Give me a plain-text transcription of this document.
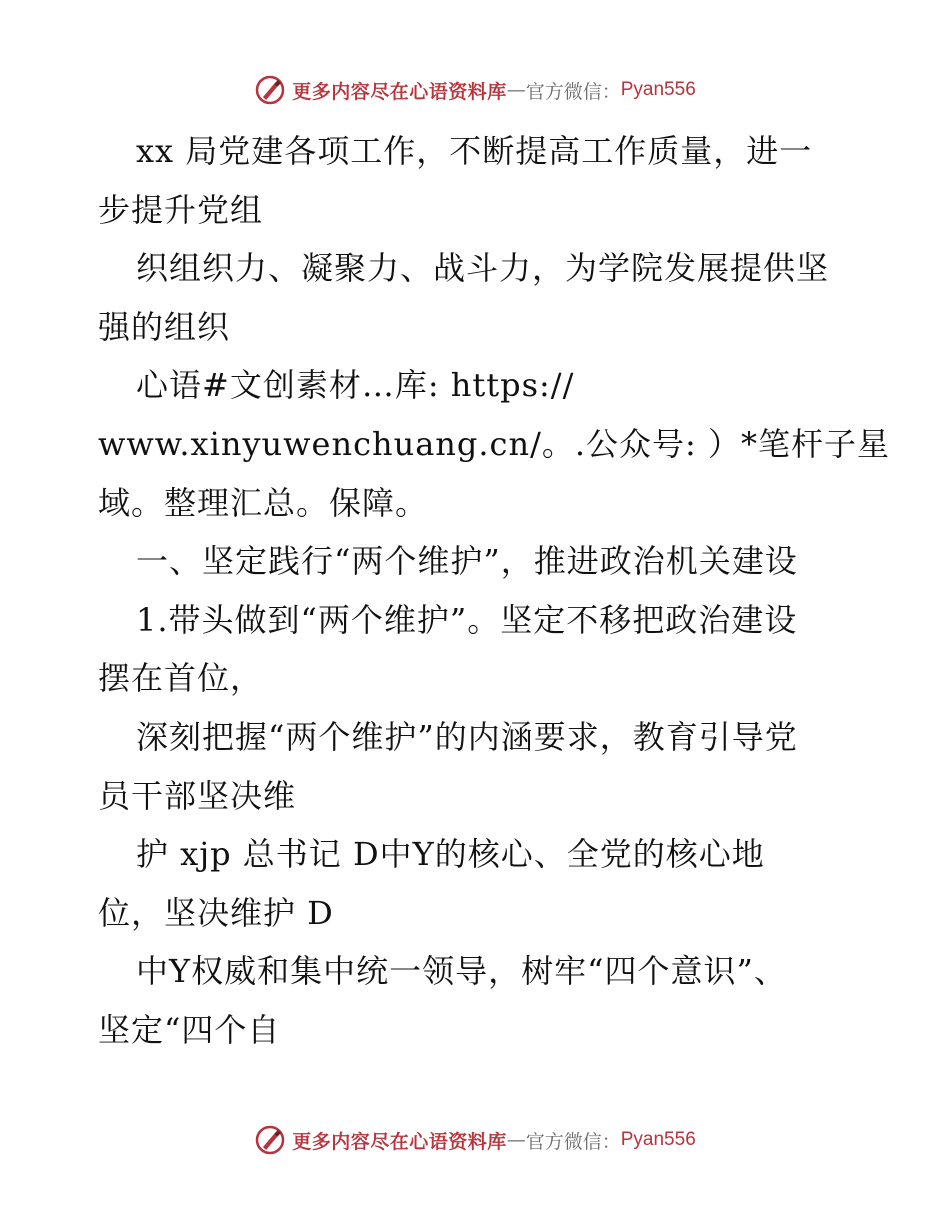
更多内容尽在心语资料库 — 官方微信： Pyan556
xx 局党建各项工作，不断提高工作质量，进一
步提升党组
织组织力、凝聚力、战斗力，为学院发展提供坚
强的组织
心语#文创素材…库: https://
www.xinyuwenchuang.cn/。.公众号: ）*笔杆子星
域。整理汇总。保障。
一、坚定践行“两个维护”，推进政治机关建设
1.带头做到“两个维护”。坚定不移把政治建设
摆在首位，
深刻把握“两个维护”的内涵要求，教育引导党
员干部坚决维
护 xjp 总书记 D中Y的核心、全党的核心地
位，坚决维护 D
中Y权威和集中统一领导，树牢“四个意识”、
坚定“四个自
更多内容尽在心语资料库 — 官方微信： Pyan556
